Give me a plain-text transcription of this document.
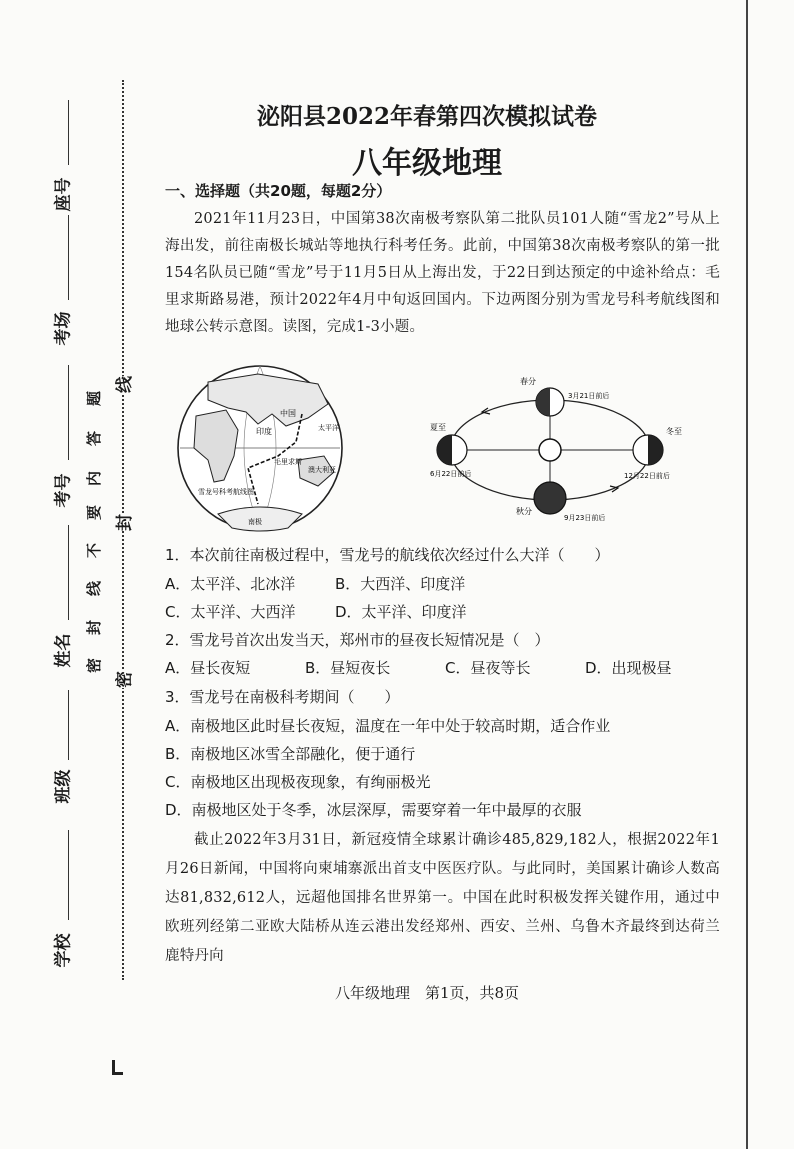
座号
考场
考号
姓名
班级
学校
题
答
内
要
不
线
封
密
线
封
密
泌阳县2022年春第四次模拟试卷
八年级地理
一、选择题（共20题，每题2分）
2021年11月23日，中国第38次南极考察队第二批队员101人随“雪龙2”号从上海出发，前往南极长城站等地执行科考任务。此前，中国第38次南极考察队的第一批154名队员已随“雪龙”号于11月5日从上海出发，于22日到达预定的中途补给点：毛里求斯路易港，预计2022年4月中旬返回国内。下边两图分别为雪龙号科考航线图和地球公转示意图。读图，完成1-3小题。
中国
印度
毛里求斯
太平洋
澳大利亚
雪龙号科考航线图
南极
春分
3月21日前后
夏至
6月22日前后
冬至
12月22日前后
秋分
9月23日前后
1．本次前往南极过程中，雪龙号的航线依次经过什么大洋（　　）
A．太平洋、北冰洋	B．大西洋、印度洋
C．太平洋、大西洋	D．太平洋、印度洋
2．雪龙号首次出发当天，郑州市的昼夜长短情况是（　）
A．昼长夜短	B．昼短夜长	C．昼夜等长	D．出现极昼
3．雪龙号在南极科考期间（　　）
A．南极地区此时昼长夜短，温度在一年中处于较高时期，适合作业
B．南极地区冰雪全部融化，便于通行
C．南极地区出现极夜现象，有绚丽极光
D．南极地区处于冬季，冰层深厚，需要穿着一年中最厚的衣服
截止2022年3月31日，新冠疫情全球累计确诊485,829,182人，根据2022年1月26日新闻，中国将向柬埔寨派出首支中医医疗队。与此同时，美国累计确诊人数高达81,832,612人，远超他国排名世界第一。中国在此时积极发挥关键作用，通过中欧班列经第二亚欧大陆桥从连云港出发经郑州、西安、兰州、乌鲁木齐最终到达荷兰鹿特丹向
八年级地理　第1页，共8页
